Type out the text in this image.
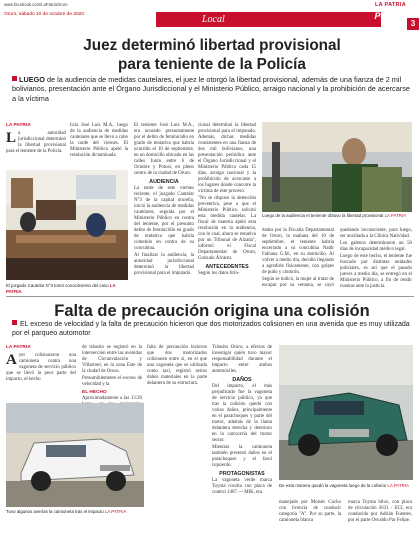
www.facebook.com/LaPatriaOruro
Oruro, sábado 10 de octubre de 2020	Local
LA PATRIA
Policial
3
Juez determinó libertad provisional
para teniente de la Policía
LUEGO de la audiencia de medidas cautelares, el juez le otorgó la libertad provisional, además de una fianza de 2 mil bolivianos, presentación ante el Órgano Jurisdiccional y el Ministerio Público, arraigo nacional y la prohibición de acercarse a la víctima
LA PATRIA
La autoridad jurisdiccional determinó la libertad provisional para el teniente de la Policía.
licía José Luis M.A., luego de la audiencia de medidas cautelares que se llevó a cabo la tarde del viernes. El Ministerio Público apeló la resolución dictaminada.
El teniente José Luis M.A., era acusado presuntamente por el delito de feminicidio en grado de tentativa que habría ocurrido el 10 de septiembre, en un domicilio ubicado en las calles Junín entre 6 de Octubre y Potosí, en pleno centro de la ciudad de Oruro.
AUDIENCIA
La tarde de este viernes reciente, el juzgado Cautelar N°3 de la capital orureña, inició la audiencia de medidas cautelares, seguida por el Ministerio Público en contra del teniente, por el presunto delito de feminicidio en grado de tentativa que habría cometido en contra de su concubina.
Al finalizar la audiencia, la autoridad jurisdiccional determinó la libertad provisional para el imputado.
cional determinó la libertad provisional para el imputado. Además, dichas medidas consistentes en una fianza de dos mil bolivianos, una presentación periódica ante el Órgano Jurisdiccional y el Ministerio Público cada 15 días, arraigo nacional y la prohibición de acercarse a los lugares donde concurre la víctima de este proceso.
"No se dispuso la detención preventiva, pese a que el Ministerio Público solicitó esta medida cautelar. La fiscal de materia apeló esta resolución en la audiencia, con lo cual, ahora se resuelva por un Tribunal de Alzada", informó el Fiscal Departamental de Oruro, Gonzalo Álvarez.
ANTECEDENTES
Según los datos brin-
dados por la Fiscalía Departamental de Oruro, la mañana del 10 de septiembre, el teniente habría encerrado a su concubina Nadir Fabiana G.M., en su domicilio. Al volver a medio día, decidió llegando a agredirle físicamente, con golpes de puño y cinturón.
Según se indicó, la mujer al tratar de escapar por su ventana, se cayó quedando inconsciente, para luego, ser auxiliada a la Clínica Natividad.
Los galenos determinaron un 50 días de incapacidad médico legal.
Luego de este hecho, el teniente fue buscado por distintas unidades policiales, es así que el pasado jueves a medio día, se entregó en el Ministerio Público, a fin de rendir cuentas ante la justicia.
El juzgado Cautelar N°3 tomó conocimiento del caso LA PATRIA
Luego de la audiencia el teniente obtuvo la libertad provisional LA PATRIA
Falta de precaución origina una colisión
EL exceso de velocidad y la falta de precaución hicieron que dos motorizados colisionen en una avenida que es muy utilizada por el parqueo automotor
LA PATRIA
Ayer colisionaron una camioneta contra una vagoneta de servicio público que se llevó la peor parte del impacto, el hecho
de tránsito se registró en la intersección entre las avenidas de Circunvalación y Villarroel, en la zona Este de la ciudad de Oruro.
Presumiblemente el exceso de velocidad y la
EL HECHO
Aproximadamente a las 13:20
falta de precaución hicieron que dos motorizados colisionen entre sí, en el que una vagoneta que es utilizada como taxi, registró serios daños materiales en la parte delantera de su estructura.
Tránsito Oruro, a efectos de investigar quién tuvo mayor responsabilidad durante el impacto entre ambos automóviles.
DAÑOS
Del impacto, el más perjudicado fue la vagoneta de servicio público, ya que tras la colisión quedó con varios daños, principalmente en el parachoques y parte del motor, además de la llanta delantera derecha y deterioro en la carrocería del motor sector.
Mientras la camioneta también presentó daños en el parachoques y el farol izquierdo.
PROTAGONISTAS
La vagoneta verde marca Toyota corolla con placa de control 1467 — MIK, era
manejado por Moisés Cucho con licencia de conducir categoría "A". Por su parte, la camioneta blanca
marca Toyota hilux, con placa de circulación 3631 - ECI, era conducido por Adrián Fuentes, por el parte Osvaldo Par Felipe.
Tuvo algunos averías la camioneta tras el impacto LA PATRIA
De esta manera quedó la vagoneta luego de la colisión LA PATRIA
